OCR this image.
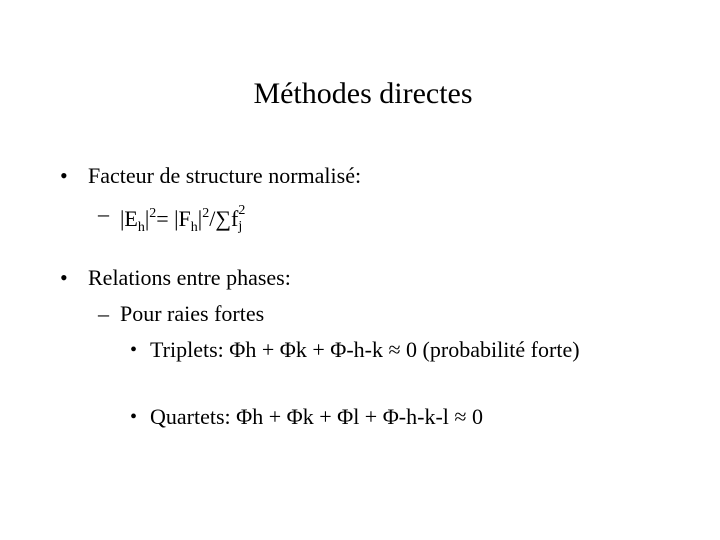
Méthodes directes
• Facteur de structure normalisé:
– $|E_h|^2= |F_h|^2/\sum f$ 2
j
• Relations entre phases:
– Pour raies fortes
• Triplets: Φh + Φk + Φ-h-k ≈ 0 (probabilité forte)
• Quartets: Φh + Φk + Φl + Φ-h-k-l ≈ 0
